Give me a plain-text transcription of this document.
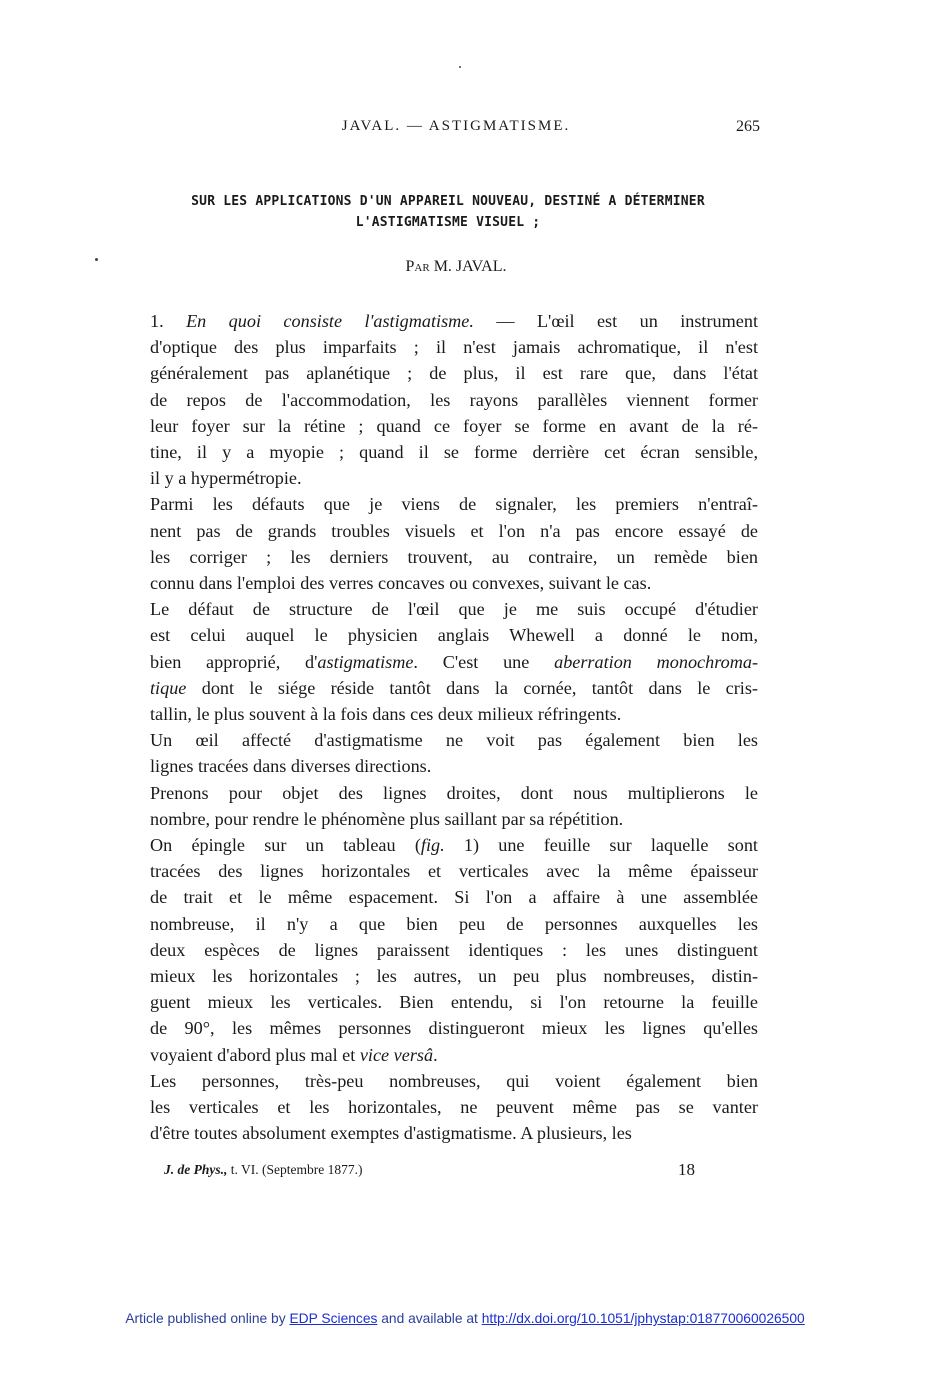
JAVAL. — ASTIGMATISME.	265
SUR LES APPLICATIONS D'UN APPAREIL NOUVEAU, DESTINÉ A DÉTERMINER
L'ASTIGMATISME VISUEL ;
Par M. JAVAL.
1. En quoi consiste l'astigmatisme. — L'œil est un instrument
d'optique des plus imparfaits ; il n'est jamais achromatique, il n'est
généralement pas aplanétique ; de plus, il est rare que, dans l'état
de repos de l'accommodation, les rayons parallèles viennent former
leur foyer sur la rétine ; quand ce foyer se forme en avant de la ré-
tine, il y a myopie ; quand il se forme derrière cet écran sensible,
il y a hypermétropie.
Parmi les défauts que je viens de signaler, les premiers n'entraî-
nent pas de grands troubles visuels et l'on n'a pas encore essayé de
les corriger ; les derniers trouvent, au contraire, un remède bien
connu dans l'emploi des verres concaves ou convexes, suivant le cas.
Le défaut de structure de l'œil que je me suis occupé d'étudier
est celui auquel le physicien anglais Whewell a donné le nom,
bien approprié, d'astigmatisme. C'est une aberration monochroma-
tique dont le siége réside tantôt dans la cornée, tantôt dans le cris-
tallin, le plus souvent à la fois dans ces deux milieux réfringents.
Un œil affecté d'astigmatisme ne voit pas également bien les
lignes tracées dans diverses directions.
Prenons pour objet des lignes droites, dont nous multiplierons le
nombre, pour rendre le phénomène plus saillant par sa répétition.
On épingle sur un tableau (fig. 1) une feuille sur laquelle sont
tracées des lignes horizontales et verticales avec la même épaisseur
de trait et le même espacement. Si l'on a affaire à une assemblée
nombreuse, il n'y a que bien peu de personnes auxquelles les
deux espèces de lignes paraissent identiques : les unes distinguent
mieux les horizontales ; les autres, un peu plus nombreuses, distin-
guent mieux les verticales. Bien entendu, si l'on retourne la feuille
de 90°, les mêmes personnes distingueront mieux les lignes qu'elles
voyaient d'abord plus mal et vice versâ.
Les personnes, très-peu nombreuses, qui voient également bien
les verticales et les horizontales, ne peuvent même pas se vanter
d'être toutes absolument exemptes d'astigmatisme. A plusieurs, les
J. de Phys., t. VI. (Septembre 1877.)	18
Article published online by EDP Sciences and available at http://dx.doi.org/10.1051/jphystap:018770060026500
